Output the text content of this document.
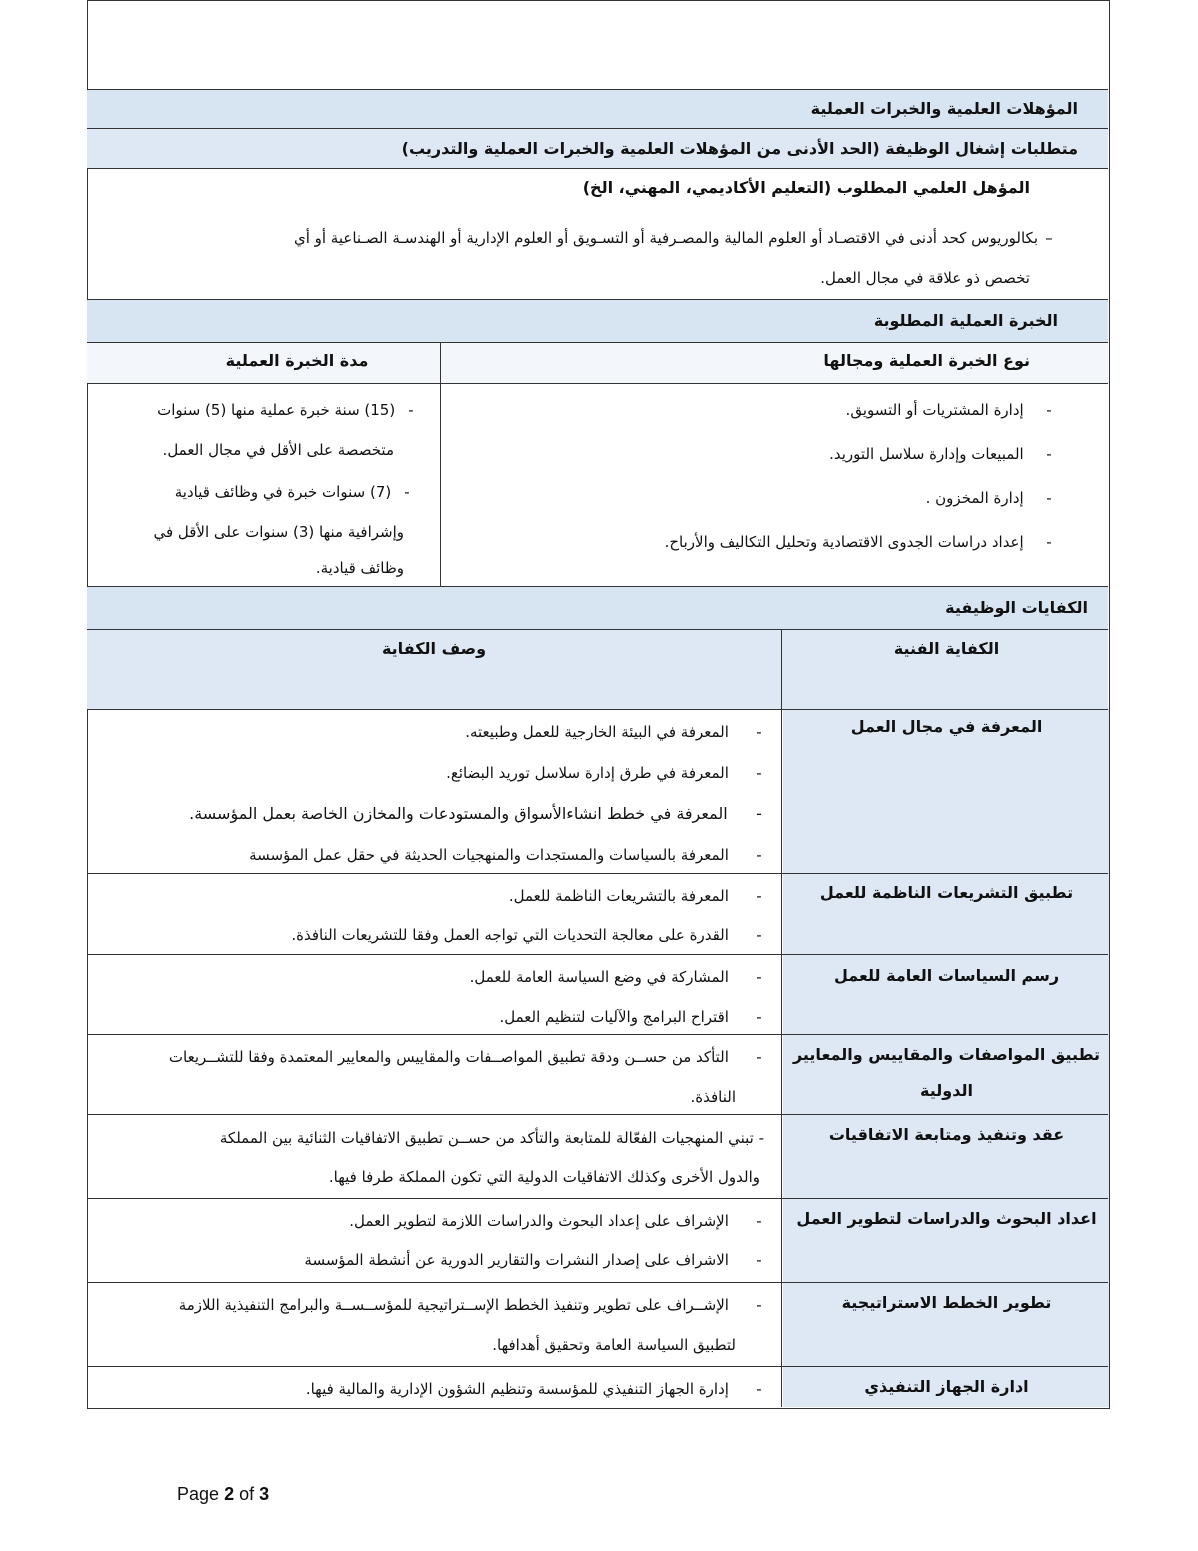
المؤهلات العلمية والخبرات العملية
متطلبات إشغال الوظيفة (الحد الأدنى من المؤهلات العلمية والخبرات العملية والتدريب)
المؤهل العلمي المطلوب (التعليم الأكاديمي، المهني، الخ)
–بكالوريوس كحد أدنى في الاقتصـاد أو العلوم المالية والمصـرفية أو التسـويق أو العلوم الإدارية أو الهندسـة الصـناعية أو أي
تخصص ذو علاقة في مجال العمل.
الخبرة العملية المطلوبة
نوع الخبرة العملية ومجالها
مدة الخبرة العملية
-   إدارة المشتريات أو التسويق.
-   المبيعات وإدارة سلاسل التوريد.
-   إدارة المخزون .
-   إعداد دراسات الجدوى الاقتصادية وتحليل التكاليف والأرباح.
- (15) سنة خبرة عملية منها (5) سنوات
متخصصة على الأقل في مجال العمل.
- (7) سنوات خبرة في وظائف قيادية
وإشرافية منها (3) سنوات على الأقل في
وظائف قيادية.
الكفايات الوظيفية
الكفاية الفنية
وصف الكفاية
المعرفة في مجال العمل
-    المعرفة في البيئة الخارجية للعمل وطبيعته.
-    المعرفة في طرق إدارة سلاسل توريد البضائع.
-    المعرفة في خطط انشاءالأسواق والمستودعات والمخازن الخاصة بعمل المؤسسة.
-    المعرفة بالسياسات والمستجدات والمنهجيات الحديثة في حقل عمل المؤسسة
تطبيق التشريعات الناظمة للعمل
-    المعرفة بالتشريعات الناظمة للعمل.
-    القدرة على معالجة التحديات التي تواجه العمل وفقا للتشريعات النافذة.
رسم السياسات العامة للعمل
-    المشاركة في وضع السياسة العامة للعمل.
-    اقتراح البرامج والآليات لتنظيم العمل.
تطبيق المواصفات والمقاييس والمعايير
الدولية
-    التأكد من حســن ودقة تطبيق المواصــفات والمقاييس والمعايير المعتمدة وفقا للتشــريعات
النافذة.
عقد وتنفيذ ومتابعة الاتفاقيات
- تبني المنهجيات الفعّالة للمتابعة والتأكد من حســن تطبيق الاتفاقيات الثنائية بين المملكة
والدول الأخرى وكذلك الاتفاقيات الدولية التي تكون المملكة طرفا فيها.
اعداد البحوث والدراسات لتطوير العمل
-    الإشراف على إعداد البحوث والدراسات اللازمة لتطوير العمل.
-    الاشراف على إصدار النشرات والتقارير الدورية عن أنشطة المؤسسة
تطوير الخطط الاستراتيجية
-    الإشــراف على تطوير وتنفيذ الخطط الإســتراتيجية للمؤســســة والبرامج التنفيذية اللازمة
لتطبيق السياسة العامة وتحقيق أهدافها.
ادارة الجهاز التنفيذي
-    إدارة الجهاز التنفيذي للمؤسسة وتنظيم الشؤون الإدارية والمالية فيها.
Page 2 of 3
